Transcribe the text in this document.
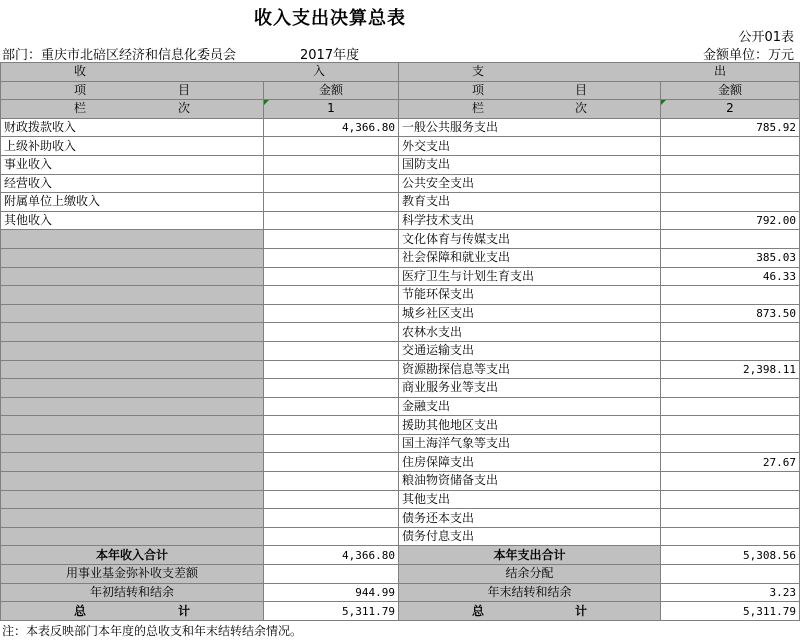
收入支出决算总表
公开01表
部门：重庆市北碚区经济和信息化委员会	2017年度	金额单位：万元
收 入		支 出	

项 目	金额	项 目	金额

栏 次	1	栏 次	2
财政拨款收入	4,366.80	一般公共服务支出	785.92
上级补助收入		外交支出	
事业收入		国防支出	
经营收入		公共安全支出	
附属单位上缴收入		教育支出	
其他收入		科学技术支出	792.00
		文化体育与传媒支出	
		社会保障和就业支出	385.03
		医疗卫生与计划生育支出	46.33
		节能环保支出	
		城乡社区支出	873.50
		农林水支出	
		交通运输支出	
		资源勘探信息等支出	2,398.11
		商业服务业等支出	
		金融支出	
		援助其他地区支出	
		国土海洋气象等支出	
		住房保障支出	27.67
		粮油物资储备支出	
		其他支出	
		债务还本支出	
		债务付息支出	
本年收入合计	4,366.80	本年支出合计	5,308.56
用事业基金弥补收支差额		结余分配	
年初结转和结余	944.99	年末结转和结余	3.23

总 计	5,311.79	总 计	5,311.79
注：本表反映部门本年度的总收支和年末结转结余情况。
